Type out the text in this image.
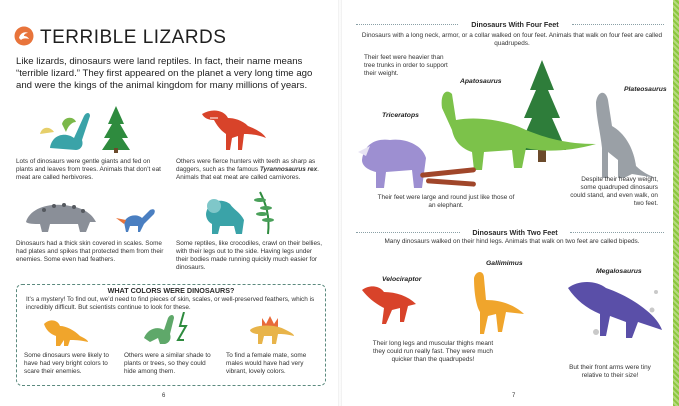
TERRIBLE LIZARDS
Like lizards, dinosaurs were land reptiles. In fact, their name means “terrible lizard.” They first appeared on the planet a very long time ago and were the kings of the animal kingdom for many millions of years.
Lots of dinosaurs were gentle giants and fed on plants and leaves from trees. Animals that don’t eat meat are called herbivores.
Others were fierce hunters with teeth as sharp as daggers, such as the famous Tyrannosaurus rex. Animals that eat meat are called carnivores.
Dinosaurs had a thick skin covered in scales. Some had plates and spikes that protected them from their enemies. Some even had feathers.
Some reptiles, like crocodiles, crawl on their bellies, with their legs out to the side. Having legs under their bodies made running quickly much easier for dinosaurs.
WHAT COLORS WERE DINOSAURS?
It’s a mystery! To find out, we’d need to find pieces of skin, scales, or well-preserved feathers, which is incredibly difficult. But scientists continue to look for these.
Some dinosaurs were likely to have had very bright colors to scare their enemies.
Others were a similar shade to plants or trees, so they could hide among them.
To find a female mate, some males would have had very vibrant, lovely colors.
6
Dinosaurs With Four Feet
Dinosaurs with a long neck, armor, or a collar walked on four feet. Animals that walk on four feet are called quadrupeds.
Their feet were heavier than tree trunks in order to support their weight.
Apatosaurus
Plateosaurus
Triceratops
Despite their heavy weight, some quadruped dinosaurs could stand, and even walk, on two feet.
Their feet were large and round just like those of an elephant.
Dinosaurs With Two Feet
Many dinosaurs walked on their hind legs. Animals that walk on two feet are called bipeds.
Gallimimus
Megalosaurus
Velociraptor
Their long legs and muscular thighs meant they could run really fast. They were much quicker than the quadrupeds!
But their front arms were tiny relative to their size!
7
